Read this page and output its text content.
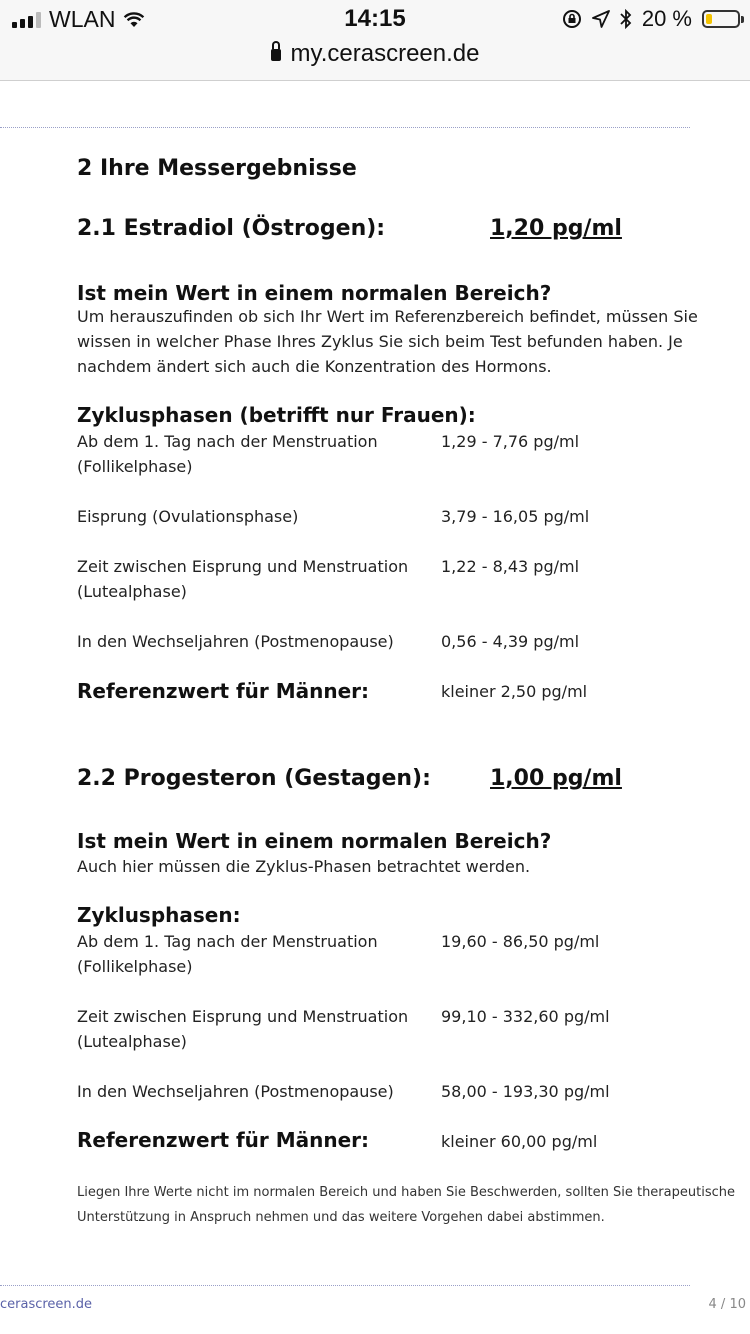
WLAN	14:15	20 %
my.cerascreen.de
2 Ihre Messergebnisse
2.1 Estradiol (Östrogen):	1,20 pg/ml
Ist mein Wert in einem normalen Bereich?
Um herauszufinden ob sich Ihr Wert im Referenzbereich befindet, müssen Sie wissen in welcher Phase Ihres Zyklus Sie sich beim Test befunden haben. Je nachdem ändert sich auch die Konzentration des Hormons.
Zyklusphasen (betrifft nur Frauen):
Ab dem 1. Tag nach der Menstruation
(Follikelphase)
1,29 - 7,76 pg/ml
Eisprung (Ovulationsphase)	3,79 - 16,05 pg/ml
Zeit zwischen Eisprung und Menstruation
(Lutealphase)
1,22 - 8,43 pg/ml
In den Wechseljahren (Postmenopause)	0,56 - 4,39 pg/ml
Referenzwert für Männer:	kleiner 2,50 pg/ml
2.2 Progesteron (Gestagen):	1,00 pg/ml
Ist mein Wert in einem normalen Bereich?
Auch hier müssen die Zyklus-Phasen betrachtet werden.
Zyklusphasen:
Ab dem 1. Tag nach der Menstruation
(Follikelphase)
19,60 - 86,50 pg/ml
Zeit zwischen Eisprung und Menstruation
(Lutealphase)
99,10 - 332,60 pg/ml
In den Wechseljahren (Postmenopause)	58,00 - 193,30 pg/ml
Referenzwert für Männer:	kleiner 60,00 pg/ml
Liegen Ihre Werte nicht im normalen Bereich und haben Sie Beschwerden, sollten Sie therapeutische Unterstützung in Anspruch nehmen und das weitere Vorgehen dabei abstimmen.
cerascreen.de	4 / 10
